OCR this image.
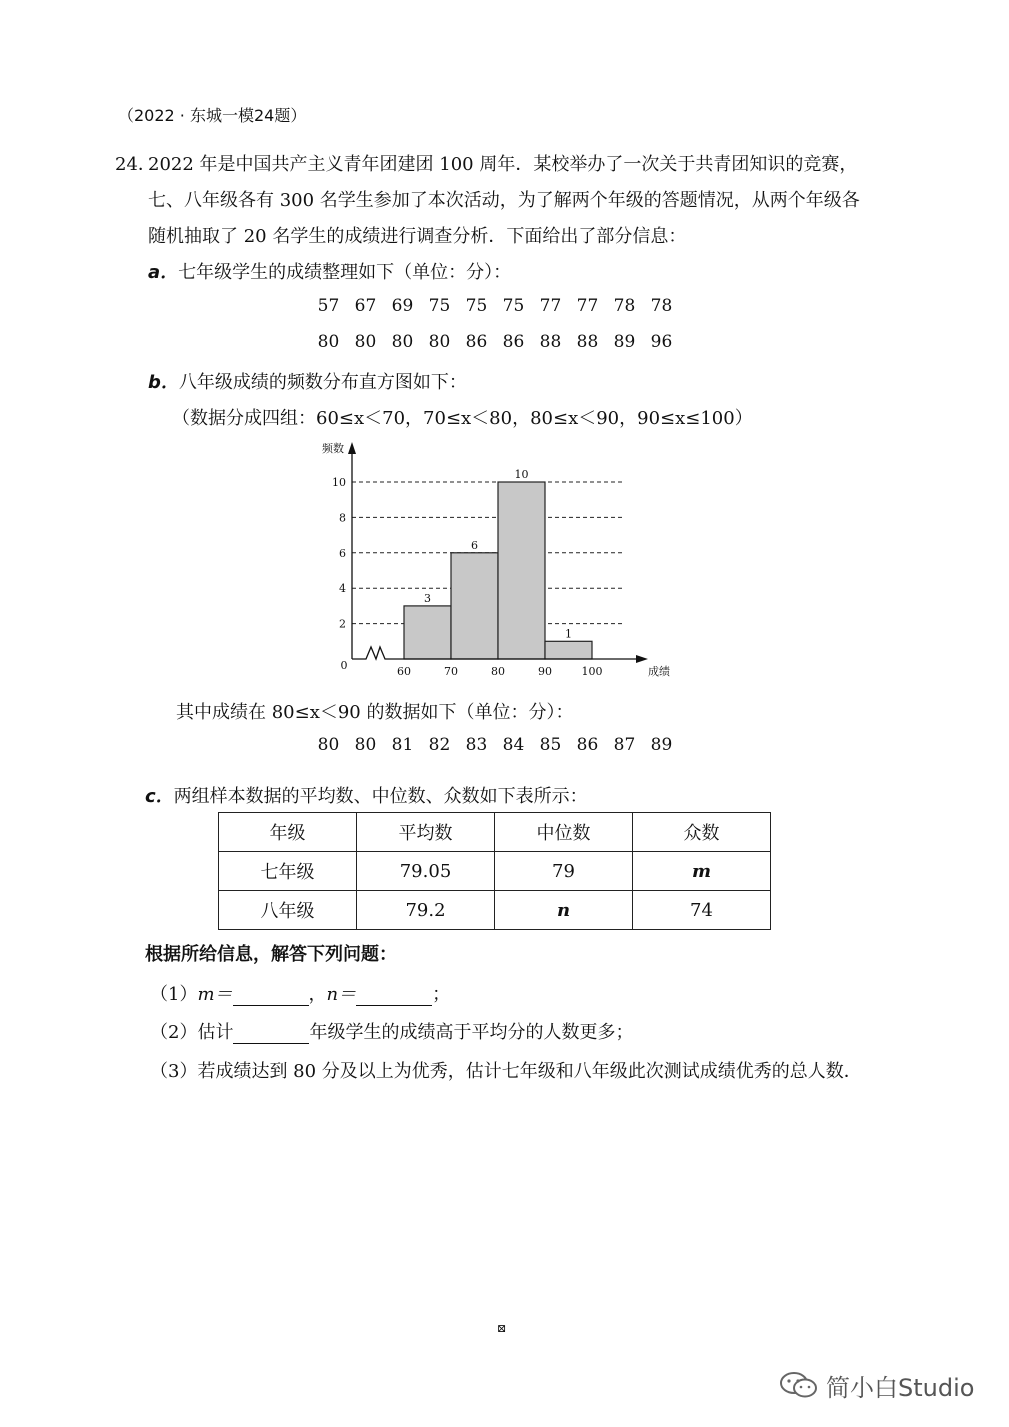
（2022 · 东城一模24题）
24．
2022 年是中国共产主义青年团建团 100 周年．某校举办了一次关于共青团知识的竞赛，
七、八年级各有 300 名学生参加了本次活动，为了解两个年级的答题情况，从两个年级各
随机抽取了 20 名学生的成绩进行调查分析．下面给出了部分信息：
a．七年级学生的成绩整理如下（单位：分）：
57 67 69 75 75 75 77 77 78 78
80 80 80 80 86 86 88 88 89 96
b．八年级成绩的频数分布直方图如下：
（数据分成四组：60≤x＜70，70≤x＜80，80≤x＜90，90≤x≤100）
2
4
6
8
10
3
6
10
1
60	70	80	90	100
0
频数
成绩
其中成绩在 80≤x＜90 的数据如下（单位：分）：
80 80 81 82 83 84 85 86 87 89
c．两组样本数据的平均数、中位数、众数如下表所示：
年级	平均数	中位数	众数
七年级	79.05	79	m
八年级	79.2	n	74
根据所给信息，解答下列问题：
（1）m＝	，n＝	；
（2）估计	年级学生的成绩高于平均分的人数更多；
（3）若成绩达到 80 分及以上为优秀，估计七年级和八年级此次测试成绩优秀的总人数．
⊠
简小白Studio
